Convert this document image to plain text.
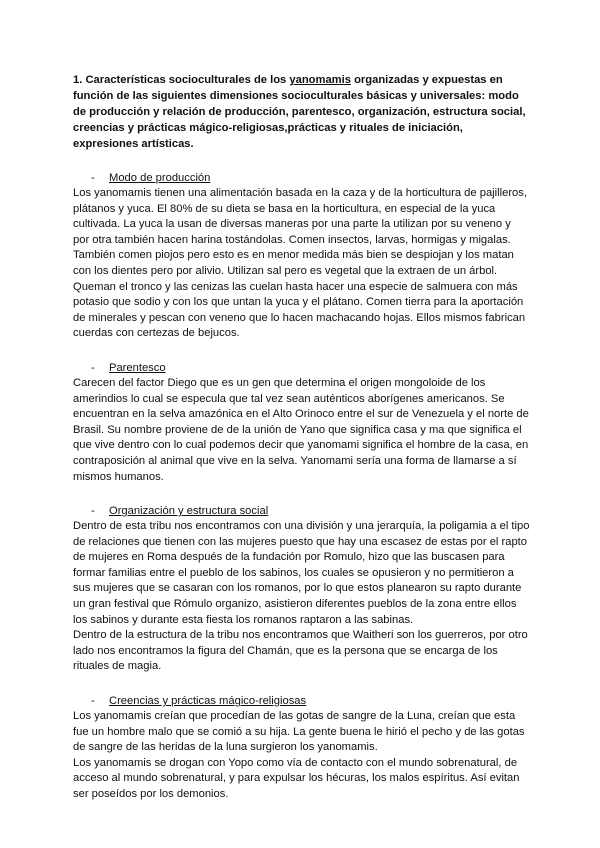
1. Características socioculturales de los yanomamis organizadas y expuestas en función de las siguientes dimensiones socioculturales básicas y universales: modo de producción y relación de producción, parentesco, organización, estructura social, creencias y prácticas mágico-religiosas,prácticas y rituales de iniciación, expresiones artísticas.

-	Modo de producción

Los yanomamis tienen una alimentación basada en la caza y de la horticultura de pajilleros, plátanos y yuca. El 80% de su dieta se basa en la horticultura, en especial de la yuca cultivada. La yuca la usan de diversas maneras por una parte la utilizan por su veneno y por otra también hacen harina tostándolas. Comen insectos, larvas, hormigas y migalas. También comen piojos pero esto es en menor medida más bien se despiojan y los matan con los dientes pero por alivio. Utilizan sal pero es vegetal que la extraen de un árbol. Queman el tronco y las cenizas las cuelan hasta hacer una especie de salmuera con más potasio que sodio y con los que untan la yuca y el plátano. Comen tierra para la aportación de minerales y pescan con veneno que lo hacen machacando hojas. Ellos mismos fabrican cuerdas con certezas de bejucos.

-	Parentesco

Carecen del factor Diego que es un gen que determina el origen mongoloide de los amerindios lo cual se especula que tal vez sean auténticos aborígenes americanos. Se encuentran en la selva amazónica en el Alto Orinoco entre el sur de Venezuela y el norte de Brasil. Su nombre proviene de de la unión de Yano que significa casa y ma que significa el que vive dentro con lo cual podemos decir que yanomami significa el hombre de la casa, en contraposición al animal que vive en la selva. Yanomami sería una forma de llamarse a sí mismos humanos.

-	Organización y estructura social

Dentro de esta tribu nos encontramos con una división y una jerarquía, la poligamia a el tipo de relaciones que tienen con las mujeres puesto que hay una escasez de estas por el rapto de mujeres en Roma después de la fundación por Romulo, hizo que las buscasen para formar familias entre el pueblo de los sabinos, los cuales se opusieron y no permitieron a sus mujeres que se casaran con los romanos, por lo que estos planearon su rapto durante un gran festival que Rómulo organizo, asistieron diferentes pueblos de la zona entre ellos los sabinos y durante esta fiesta los romanos raptaron a las sabinas.

Dentro de la estructura de la tribu nos encontramos que Waitheri son los guerreros, por otro lado nos encontramos la figura del Chamán, que es la persona que se encarga de los rituales de magia.

-	Creencias y prácticas mágico-religiosas

Los yanomamis creían que procedían de las gotas de sangre de la Luna, creían que esta fue un hombre malo que se comió a su hija. La gente buena le hirió el pecho y de las gotas de sangre de las heridas de la luna surgieron los yanomamis.

Los yanomamis se drogan con Yopo como vía de contacto con el mundo sobrenatural, de acceso al mundo sobrenatural, y para expulsar los hécuras, los malos espíritus. Así evitan ser poseídos por los demonios.
